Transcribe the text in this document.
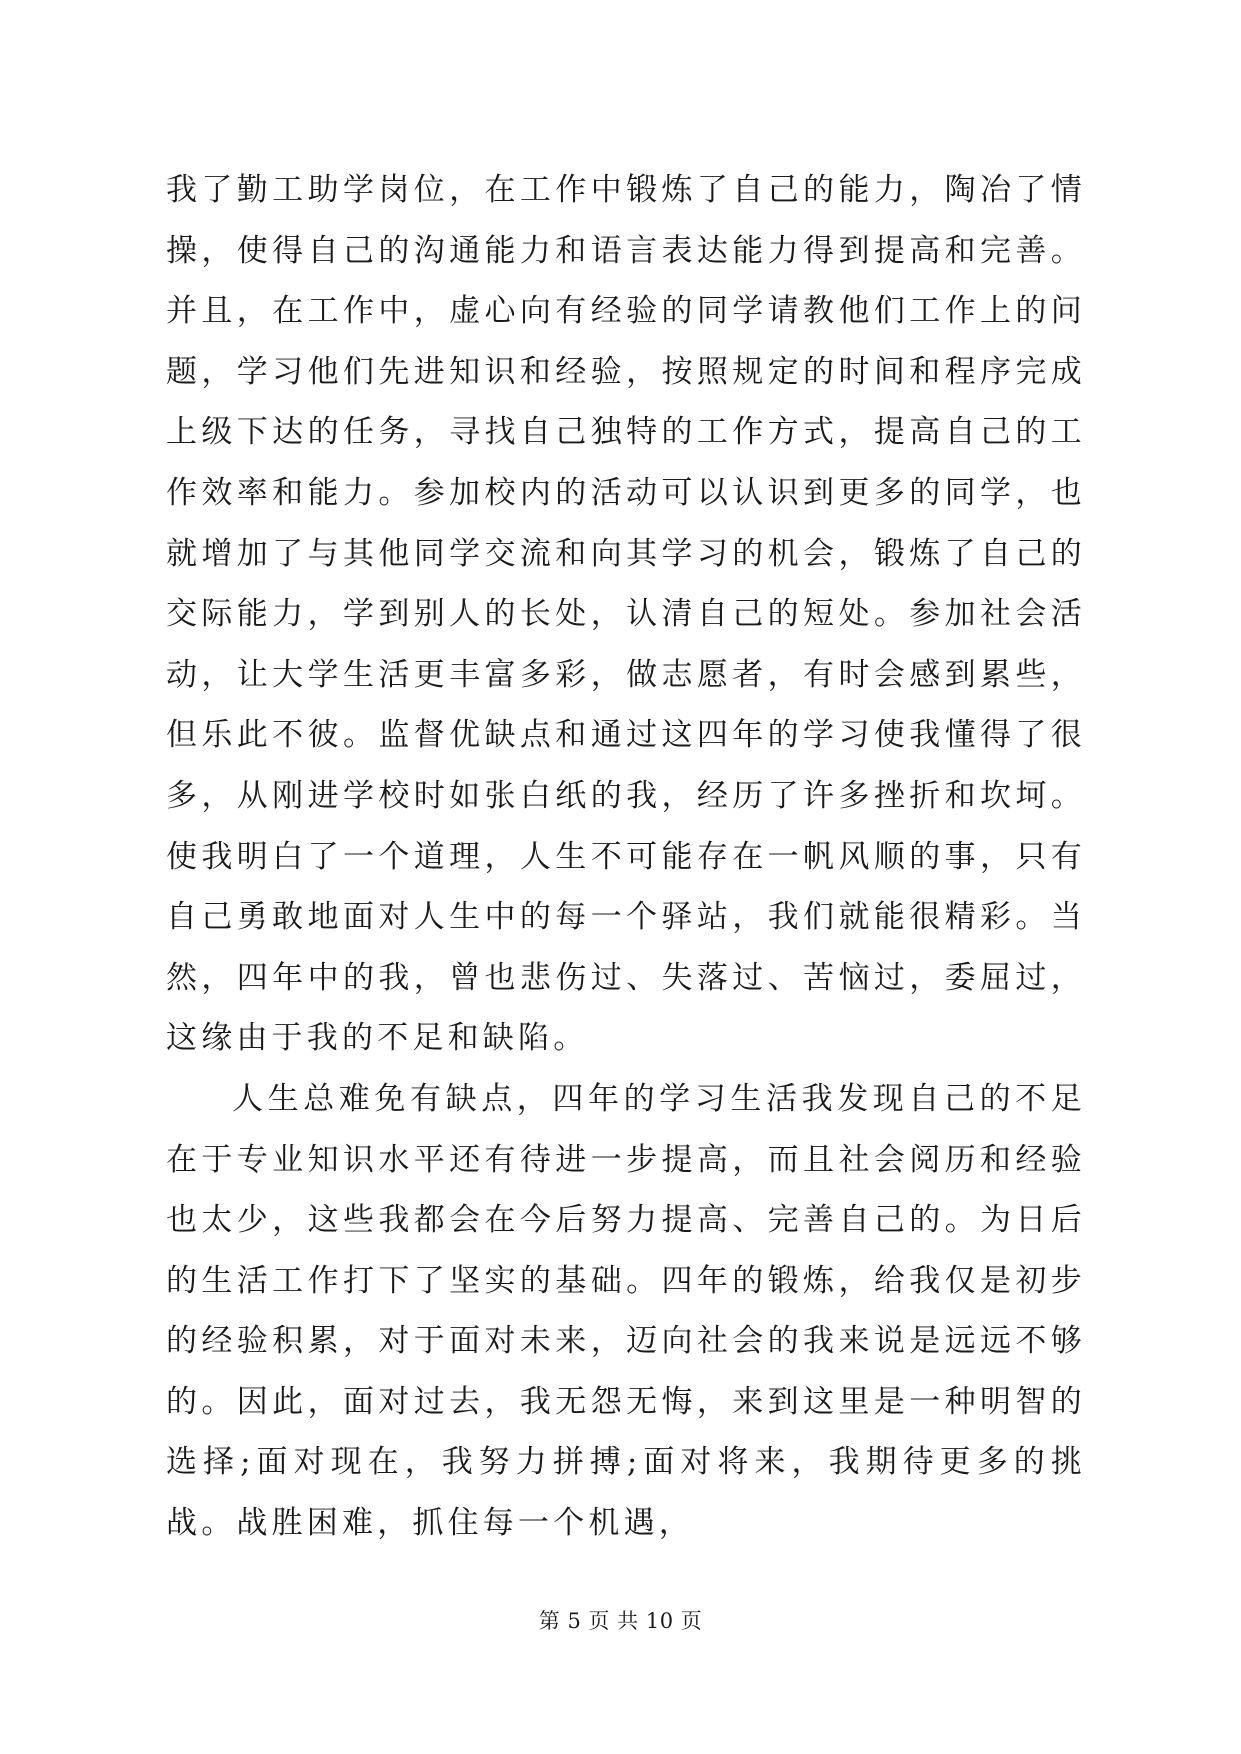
我了勤工助学岗位，在工作中锻炼了自己的能力，陶冶了情操，使得自己的沟通能力和语言表达能力得到提高和完善。并且，在工作中，虚心向有经验的同学请教他们工作上的问题，学习他们先进知识和经验，按照规定的时间和程序完成上级下达的任务，寻找自己独特的工作方式，提高自己的工作效率和能力。参加校内的活动可以认识到更多的同学，也就增加了与其他同学交流和向其学习的机会，锻炼了自己的交际能力，学到别人的长处，认清自己的短处。参加社会活动，让大学生活更丰富多彩，做志愿者，有时会感到累些，但乐此不彼。监督优缺点和通过这四年的学习使我懂得了很多，从刚进学校时如张白纸的我，经历了许多挫折和坎坷。使我明白了一个道理，人生不可能存在一帆风顺的事，只有自己勇敢地面对人生中的每一个驿站，我们就能很精彩。当然，四年中的我，曾也悲伤过、失落过、苦恼过，委屈过，这缘由于我的不足和缺陷。

人生总难免有缺点，四年的学习生活我发现自己的不足在于专业知识水平还有待进一步提高，而且社会阅历和经验也太少，这些我都会在今后努力提高、完善自己的。为日后的生活工作打下了坚实的基础。四年的锻炼，给我仅是初步的经验积累，对于面对未来，迈向社会的我来说是远远不够的。因此，面对过去，我无怨无悔，来到这里是一种明智的选择;面对现在，我努力拼搏;面对将来，我期待更多的挑战。战胜困难，抓住每一个机遇，

第 5 页 共 10 页
